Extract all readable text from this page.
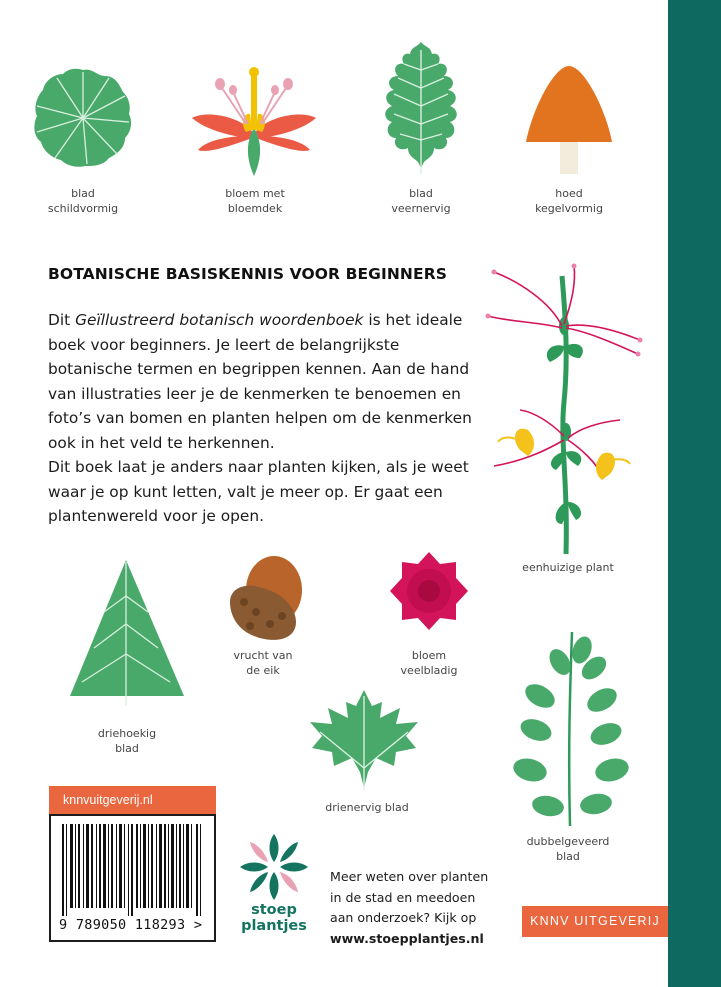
blad
schildvormig
bloem met
bloemdek
blad
veernervig
hoed
kegelvormig
BOTANISCHE BASISKENNIS VOOR BEGINNERS

Dit Geïllustreerd botanisch woordenboek is het ideale boek voor beginners. Je leert de belangrijkste botanische termen en begrippen kennen. Aan de hand van illustraties leer je de kenmerken te benoemen en foto’s van bomen en planten helpen om de kenmerken ook in het veld te herkennen.

Dit boek laat je anders naar planten kijken, als je weet waar je op kunt letten, valt je meer op. Er gaat een plantenwereld voor je open.

eenhuizige plant
driehoekig
blad
vrucht van
de eik
bloem
veelbladig
drienervig blad
dubbelgeveerd
blad
knnvuitgeverij.nl
9 789050 118293 >
stoep
plantjes
Meer weten over planten
in de stad en meedoen
aan onderzoek? Kijk op
www.stoepplantjes.nl
KNNV UITGEVERIJ
